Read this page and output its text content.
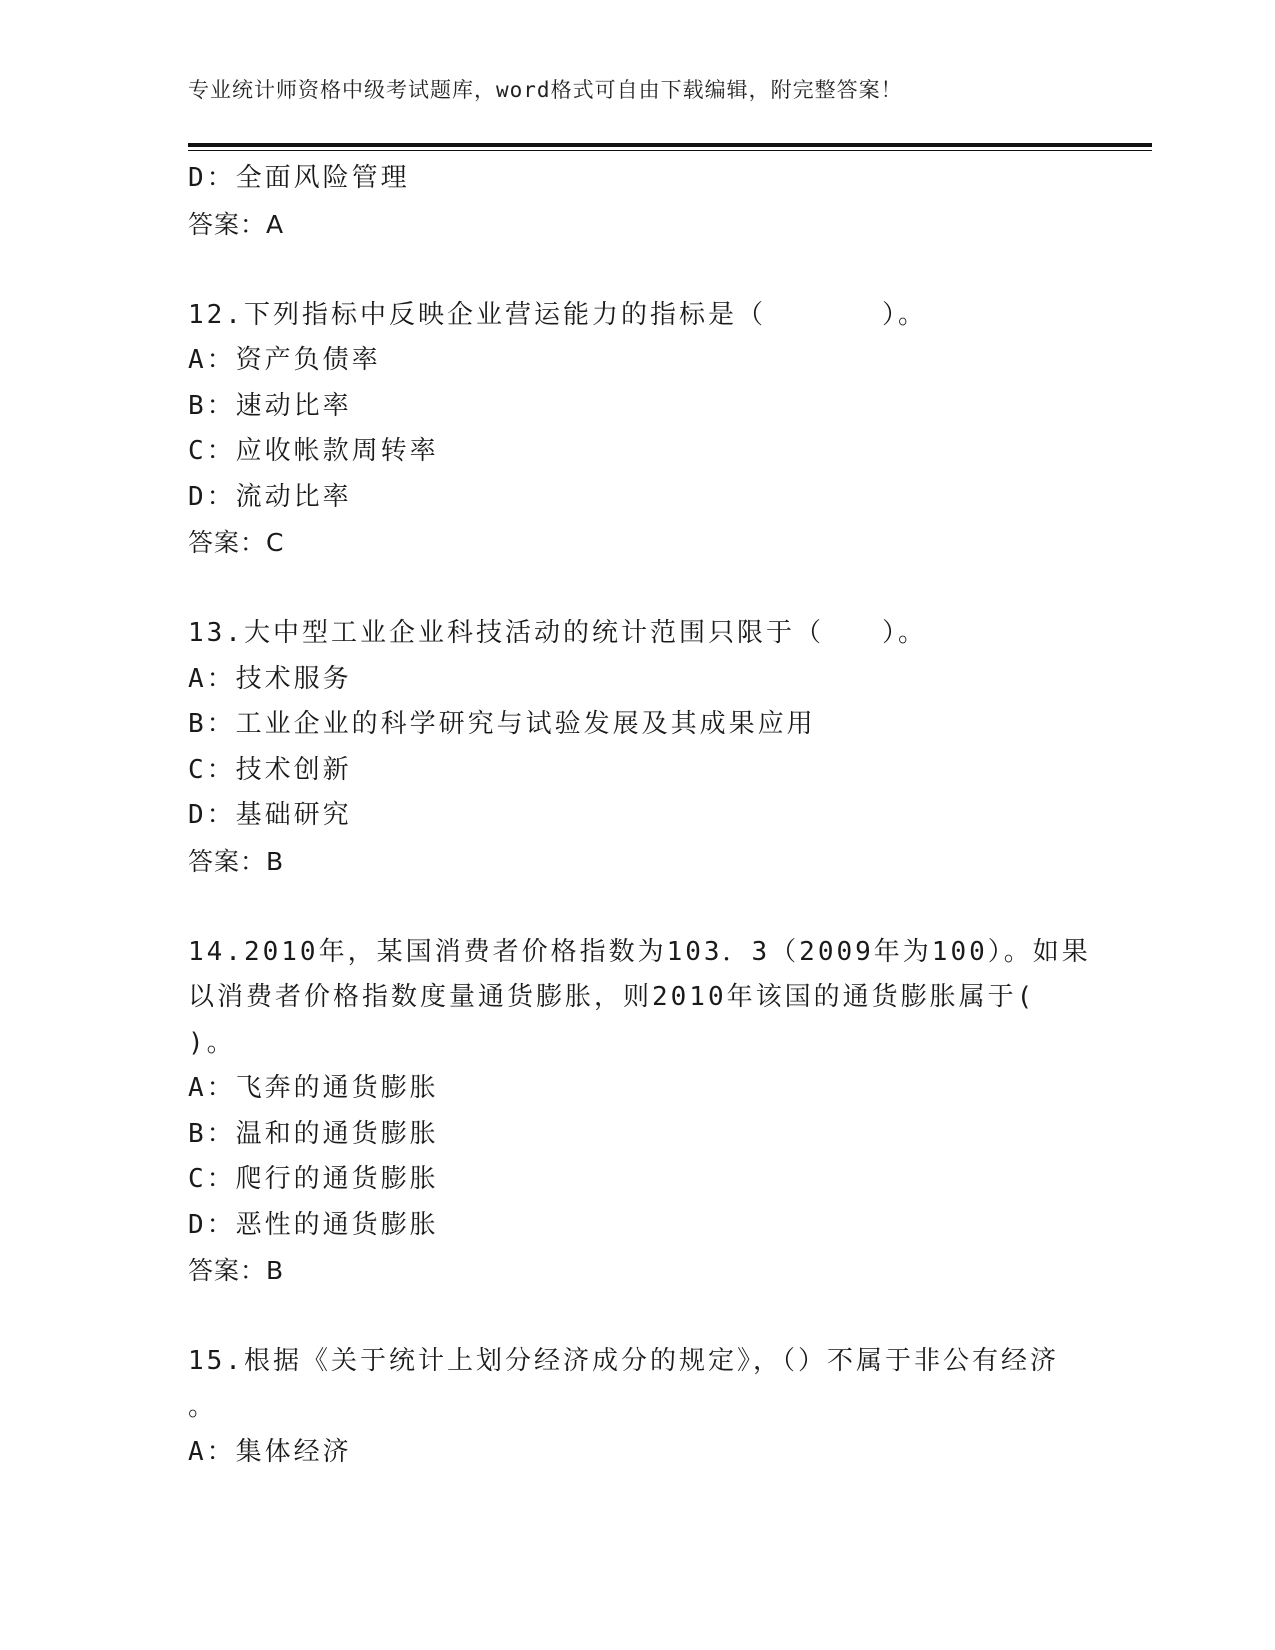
专业统计师资格中级考试题库，word格式可自由下载编辑，附完整答案！
D：全面风险管理
答案：A
12.下列指标中反映企业营运能力的指标是（　　　　）。
A：资产负债率
B：速动比率
C：应收帐款周转率
D：流动比率
答案：C
13.大中型工业企业科技活动的统计范围只限于（　　）。
A：技术服务
B：工业企业的科学研究与试验发展及其成果应用
C：技术创新
D：基础研究
答案：B
14.2010年，某国消费者价格指数为103．3（2009年为100）。如果
以消费者价格指数度量通货膨胀，则2010年该国的通货膨胀属于(
)。
A：飞奔的通货膨胀
B：温和的通货膨胀
C：爬行的通货膨胀
D：恶性的通货膨胀
答案：B
15.根据《关于统计上划分经济成分的规定》，（）不属于非公有经济
。
A：集体经济
